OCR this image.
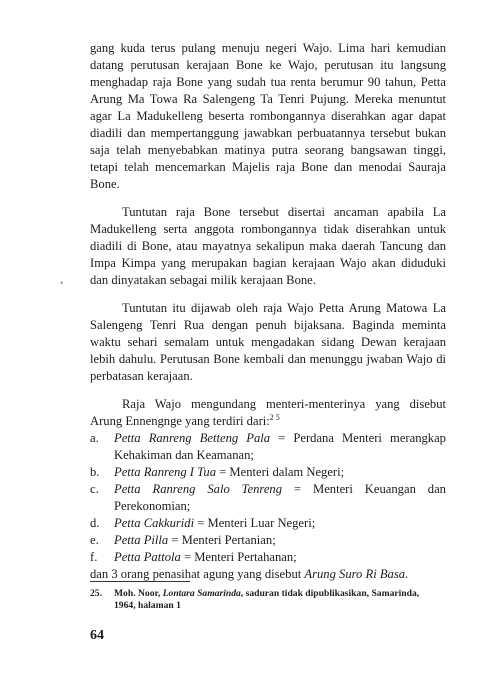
gang kuda terus pulang menuju negeri Wajo. Lima hari kemudian datang perutusan kerajaan Bone ke Wajo, perutusan itu langsung menghadap raja Bone yang sudah tua renta berumur 90 tahun, Petta Arung Ma Towa Ra Salengeng Ta Tenri Pujung. Mereka menuntut agar La Madukelleng beserta rombongannya diserahkan agar dapat diadili dan mempertanggung jawabkan perbuatannya tersebut bukan saja telah menyebabkan matinya putra seorang bangsawan tinggi, tetapi telah mencemarkan Majelis raja Bone dan menodai Sauraja Bone.

Tuntutan raja Bone tersebut disertai ancaman apabila La Madukelleng serta anggota rombongannya tidak diserahkan untuk diadili di Bone, atau mayatnya sekalipun maka daerah Tancung dan Impa Kimpa yang merupakan bagian kerajaan Wajo akan diduduki dan dinyatakan sebagai milik kerajaan Bone.

Tuntutan itu dijawab oleh raja Wajo Petta Arung Matowa La Salengeng Tenri Rua dengan penuh bijaksana. Baginda meminta waktu sehari semalam untuk mengadakan sidang Dewan kerajaan lebih dahulu. Perutusan Bone kembali dan menunggu jwaban Wajo di perbatasan kerajaan.

Raja Wajo mengundang menteri-menterinya yang disebut Arung Ennengnge yang terdiri dari:$^{2 5}$

a. Petta Ranreng Betteng Pala = Perdana Menteri merangkap Kehakiman dan Keamanan;
b. Petta Ranreng I Tua = Menteri dalam Negeri;
c. Petta Ranreng Salo Tenreng = Menteri Keuangan dan Perekonomian;
d. Petta Cakkuridi = Menteri Luar Negeri;
e. Petta Pilla = Menteri Pertanian;
f. Petta Pattola = Menteri Pertahanan;

dan 3 orang penasihat agung yang disebut Arung Suro Ri Basa.

•
25. Moh. Noor, Lontara Samarinda, saduran tidak dipublikasikan, Samarinda,
1964, halaman 1
64
